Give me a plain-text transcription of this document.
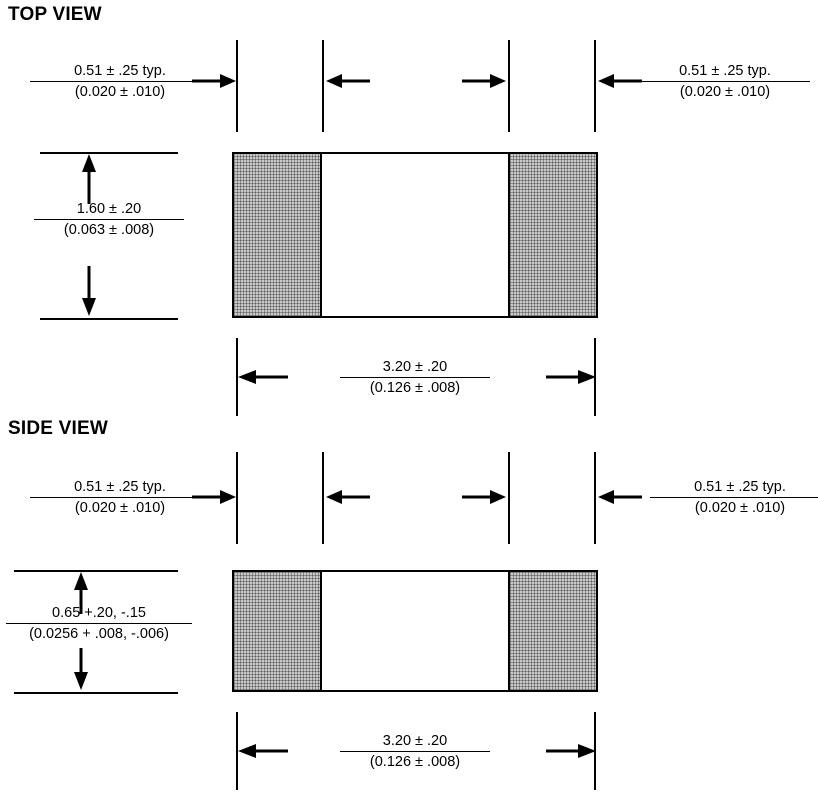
TOP VIEW
0.51 ± .25 typ.
(0.020 ± .010)
0.51 ± .25 typ.
(0.020 ± .010)
$\frac{1.60 \pm .20}{(0.063 \pm .008)}$
$\frac{3.20 \pm .20}{(0.126 \pm .008)}$
SIDE VIEW
0.51 ± .25 typ.
(0.020 ± .010)
0.51 ± .25 typ.
(0.020 ± .010)
$\frac{0.65 +.20, -.15}{(0.0256 + .008, -.006)}$
$\frac{3.20 \pm .20}{(0.126 \pm .008)}$
